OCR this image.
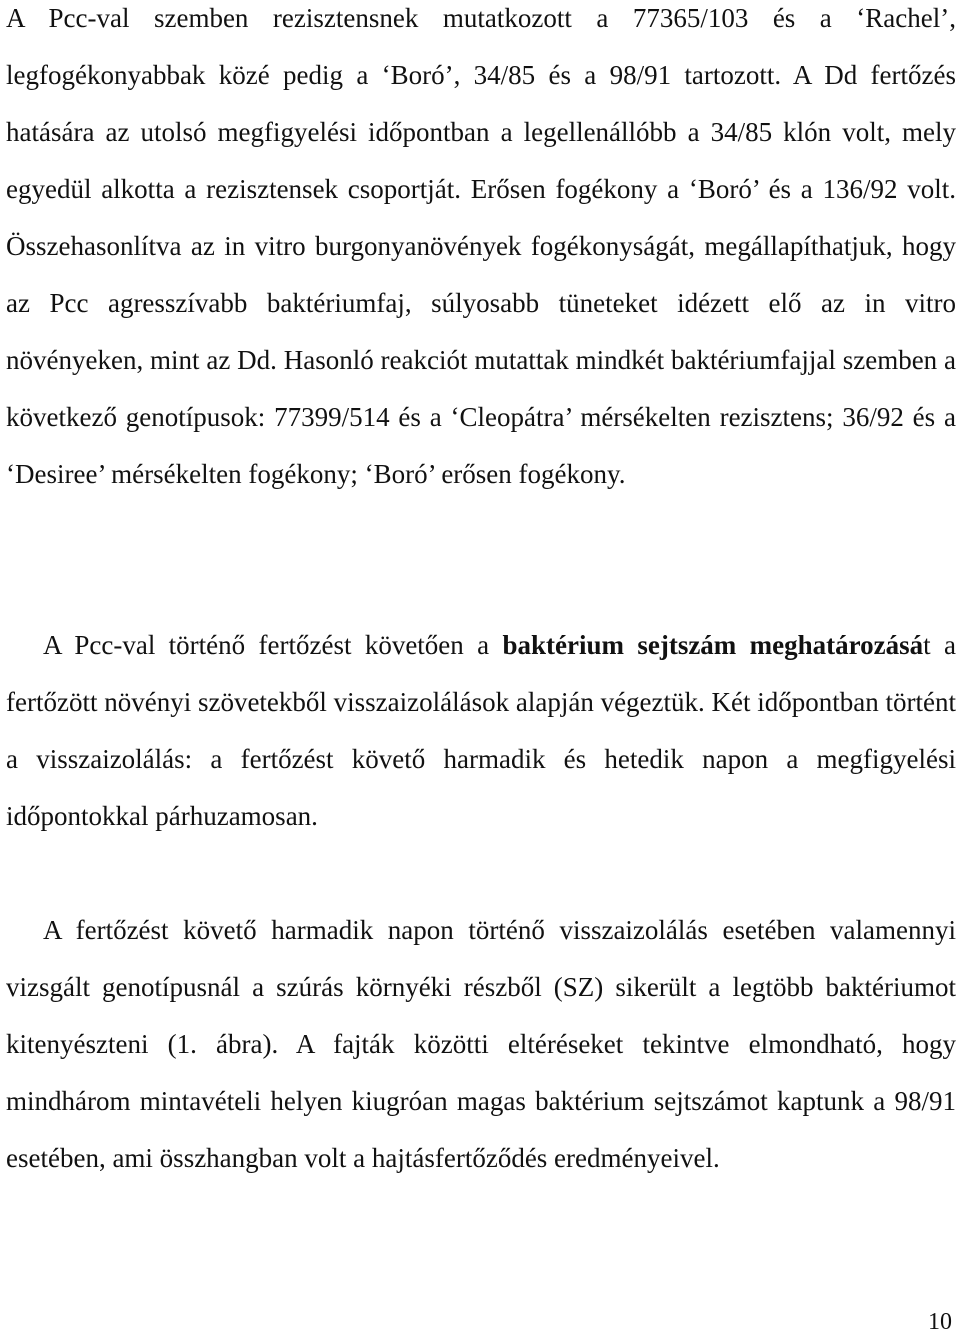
A Pcc-val szemben rezisztensnek mutatkozott a 77365/103 és a ‘Rachel’, legfogékonyabbak közé pedig a ‘Boró’, 34/85 és a 98/91 tartozott. A Dd fertőzés hatására az utolsó megfigyelési időpontban a legellenállóbb a 34/85 klón volt, mely egyedül alkotta a rezisztensek csoportját. Erősen fogékony a ‘Boró’ és a 136/92 volt. Összehasonlítva az in vitro burgonyanövények fogékonyságát, megállapíthatjuk, hogy az Pcc agresszívabb baktériumfaj, súlyosabb tüneteket idézett elő az in vitro növényeken, mint az Dd. Hasonló reakciót mutattak mindkét baktériumfajjal szemben a következő genotípusok: 77399/514 és a ‘Cleopátra’ mérsékelten rezisztens; 36/92 és a ‘Desiree’ mérsékelten fogékony; ‘Boró’ erősen fogékony.

A Pcc-val történő fertőzést követően a baktérium sejtszám meghatározását a fertőzött növényi szövetekből visszaizolálások alapján végeztük. Két időpontban történt a visszaizolálás: a fertőzést követő harmadik és hetedik napon a megfigyelési időpontokkal párhuzamosan.

A fertőzést követő harmadik napon történő visszaizolálás esetében valamennyi vizsgált genotípusnál a szúrás környéki részből (SZ) sikerült a legtöbb baktériumot kitenyészteni (1. ábra). A fajták közötti eltéréseket tekintve elmondható, hogy mindhárom mintavételi helyen kiugróan magas baktérium sejtszámot kaptunk a 98/91 esetében, ami összhangban volt a hajtásfertőződés eredményeivel.

10
